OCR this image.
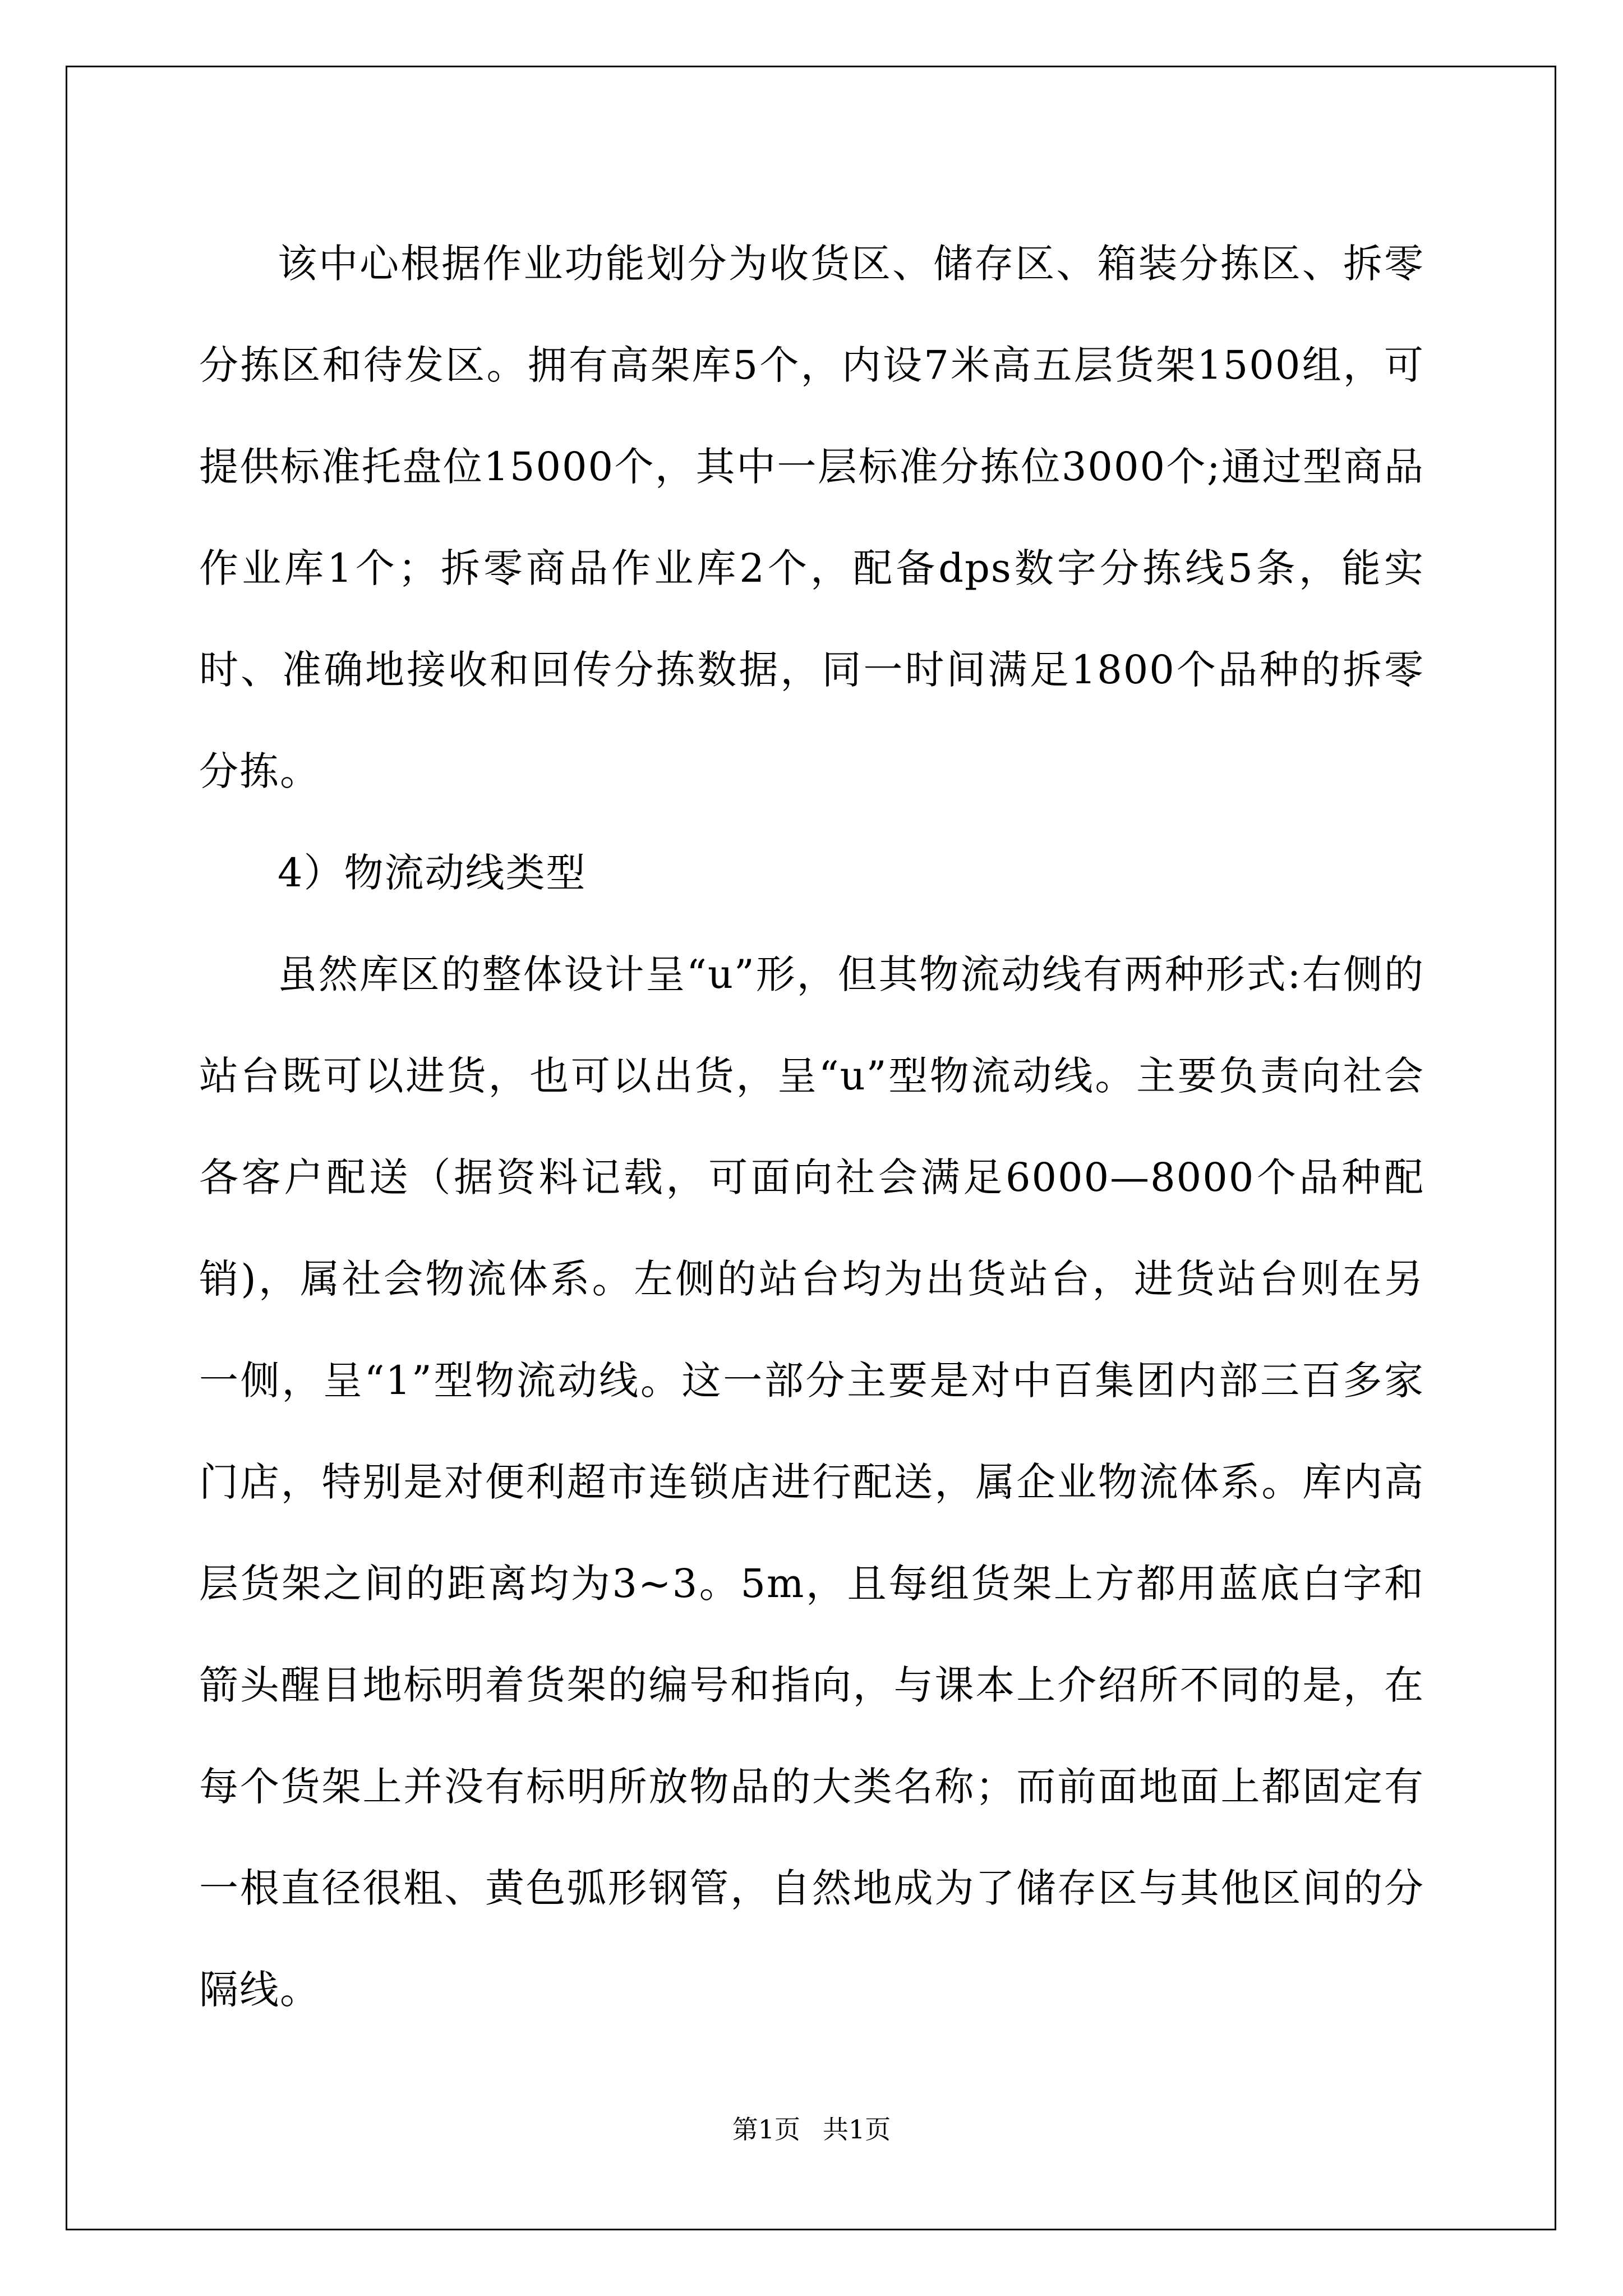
该中心根据作业功能划分为收货区、储存区、箱装分拣区、拆零分拣区和待发区。拥有高架库5个，内设7米高五层货架1500组，可提供标准托盘位15000个，其中一层标准分拣位3000个;通过型商品作业库1个；拆零商品作业库2个，配备dps数字分拣线5条，能实时、准确地接收和回传分拣数据，同一时间满足1800个品种的拆零分拣。

4）物流动线类型

虽然库区的整体设计呈“u”形，但其物流动线有两种形式:右侧的站台既可以进货，也可以出货，呈“u”型物流动线。主要负责向社会各客户配送（据资料记载，可面向社会满足6000—8000个品种配销)，属社会物流体系。左侧的站台均为出货站台，进货站台则在另一侧，呈“1”型物流动线。这一部分主要是对中百集团内部三百多家门店，特别是对便利超市连锁店进行配送，属企业物流体系。库内高层货架之间的距离均为3~3。5m，且每组货架上方都用蓝底白字和箭头醒目地标明着货架的编号和指向，与课本上介绍所不同的是，在每个货架上并没有标明所放物品的大类名称；而前面地面上都固定有一根直径很粗、黄色弧形钢管，自然地成为了储存区与其他区间的分隔线。

第1页 共1页
